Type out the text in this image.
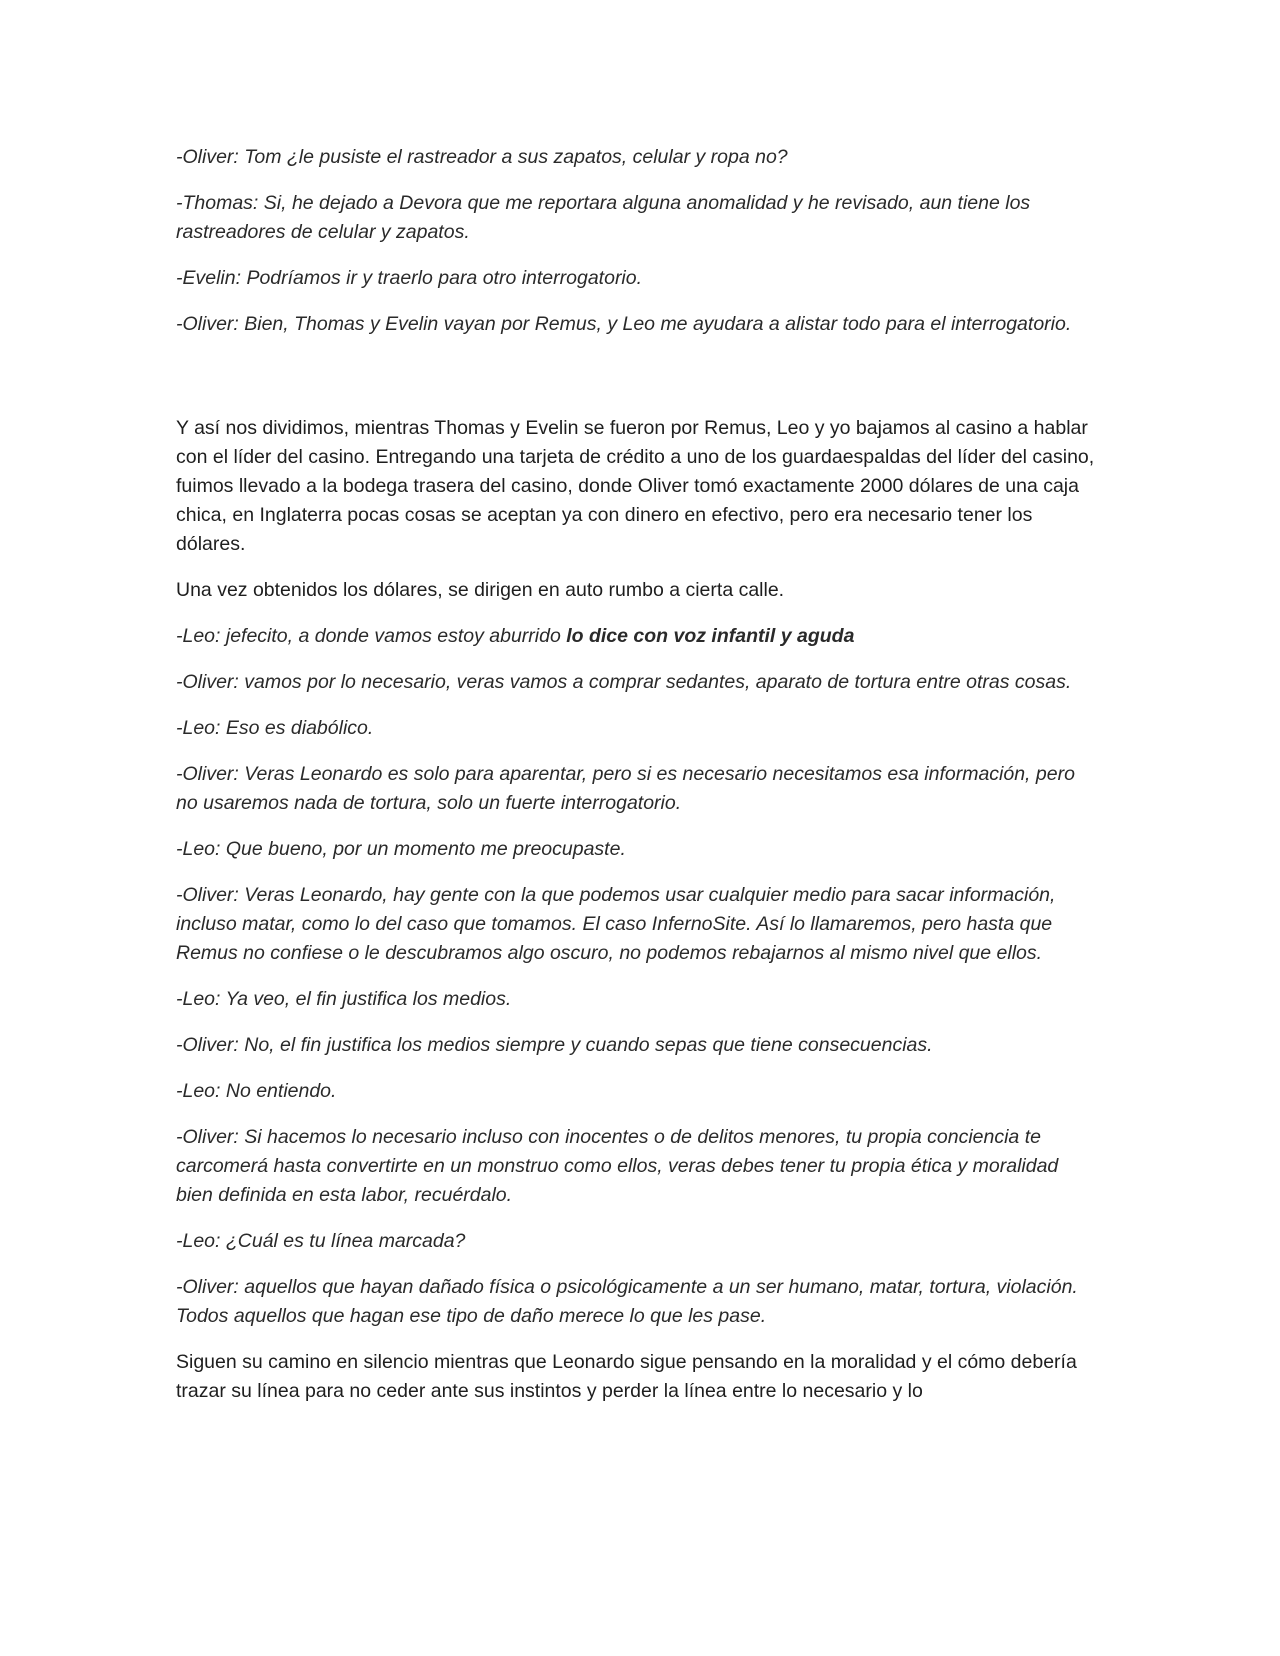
-Oliver: Tom ¿le pusiste el rastreador a sus zapatos, celular y ropa no?

-Thomas: Si, he dejado a Devora que me reportara alguna anomalidad y he revisado, aun tiene los rastreadores de celular y zapatos.

-Evelin: Podríamos ir y traerlo para otro interrogatorio.

-Oliver: Bien, Thomas y Evelin vayan por Remus, y Leo me ayudara a alistar todo para el interrogatorio.

Y así nos dividimos, mientras Thomas y Evelin se fueron por Remus, Leo y yo bajamos al casino a hablar con el líder del casino. Entregando una tarjeta de crédito a uno de los guardaespaldas del líder del casino, fuimos llevado a la bodega trasera del casino, donde Oliver tomó exactamente 2000 dólares de una caja chica, en Inglaterra pocas cosas se aceptan ya con dinero en efectivo, pero era necesario tener los dólares.

Una vez obtenidos los dólares, se dirigen en auto rumbo a cierta calle.

-Leo: jefecito, a donde vamos estoy aburrido lo dice con voz infantil y aguda

-Oliver: vamos por lo necesario, veras vamos a comprar sedantes, aparato de tortura entre otras cosas.

-Leo: Eso es diabólico.

-Oliver: Veras Leonardo es solo para aparentar, pero si es necesario necesitamos esa información, pero no usaremos nada de tortura, solo un fuerte interrogatorio.

-Leo: Que bueno, por un momento me preocupaste.

-Oliver: Veras Leonardo, hay gente con la que podemos usar cualquier medio para sacar información, incluso matar, como lo del caso que tomamos. El caso InfernoSite. Así lo llamaremos, pero hasta que Remus no confiese o le descubramos algo oscuro, no podemos rebajarnos al mismo nivel que ellos.

-Leo: Ya veo, el fin justifica los medios.

-Oliver: No, el fin justifica los medios siempre y cuando sepas que tiene consecuencias.

-Leo: No entiendo.

-Oliver: Si hacemos lo necesario incluso con inocentes o de delitos menores, tu propia conciencia te carcomerá hasta convertirte en un monstruo como ellos, veras debes tener tu propia ética y moralidad bien definida en esta labor, recuérdalo.

-Leo: ¿Cuál es tu línea marcada?

-Oliver: aquellos que hayan dañado física o psicológicamente a un ser humano, matar, tortura, violación. Todos aquellos que hagan ese tipo de daño merece lo que les pase.

Siguen su camino en silencio mientras que Leonardo sigue pensando en la moralidad y el cómo debería trazar su línea para no ceder ante sus instintos y perder la línea entre lo necesario y lo
